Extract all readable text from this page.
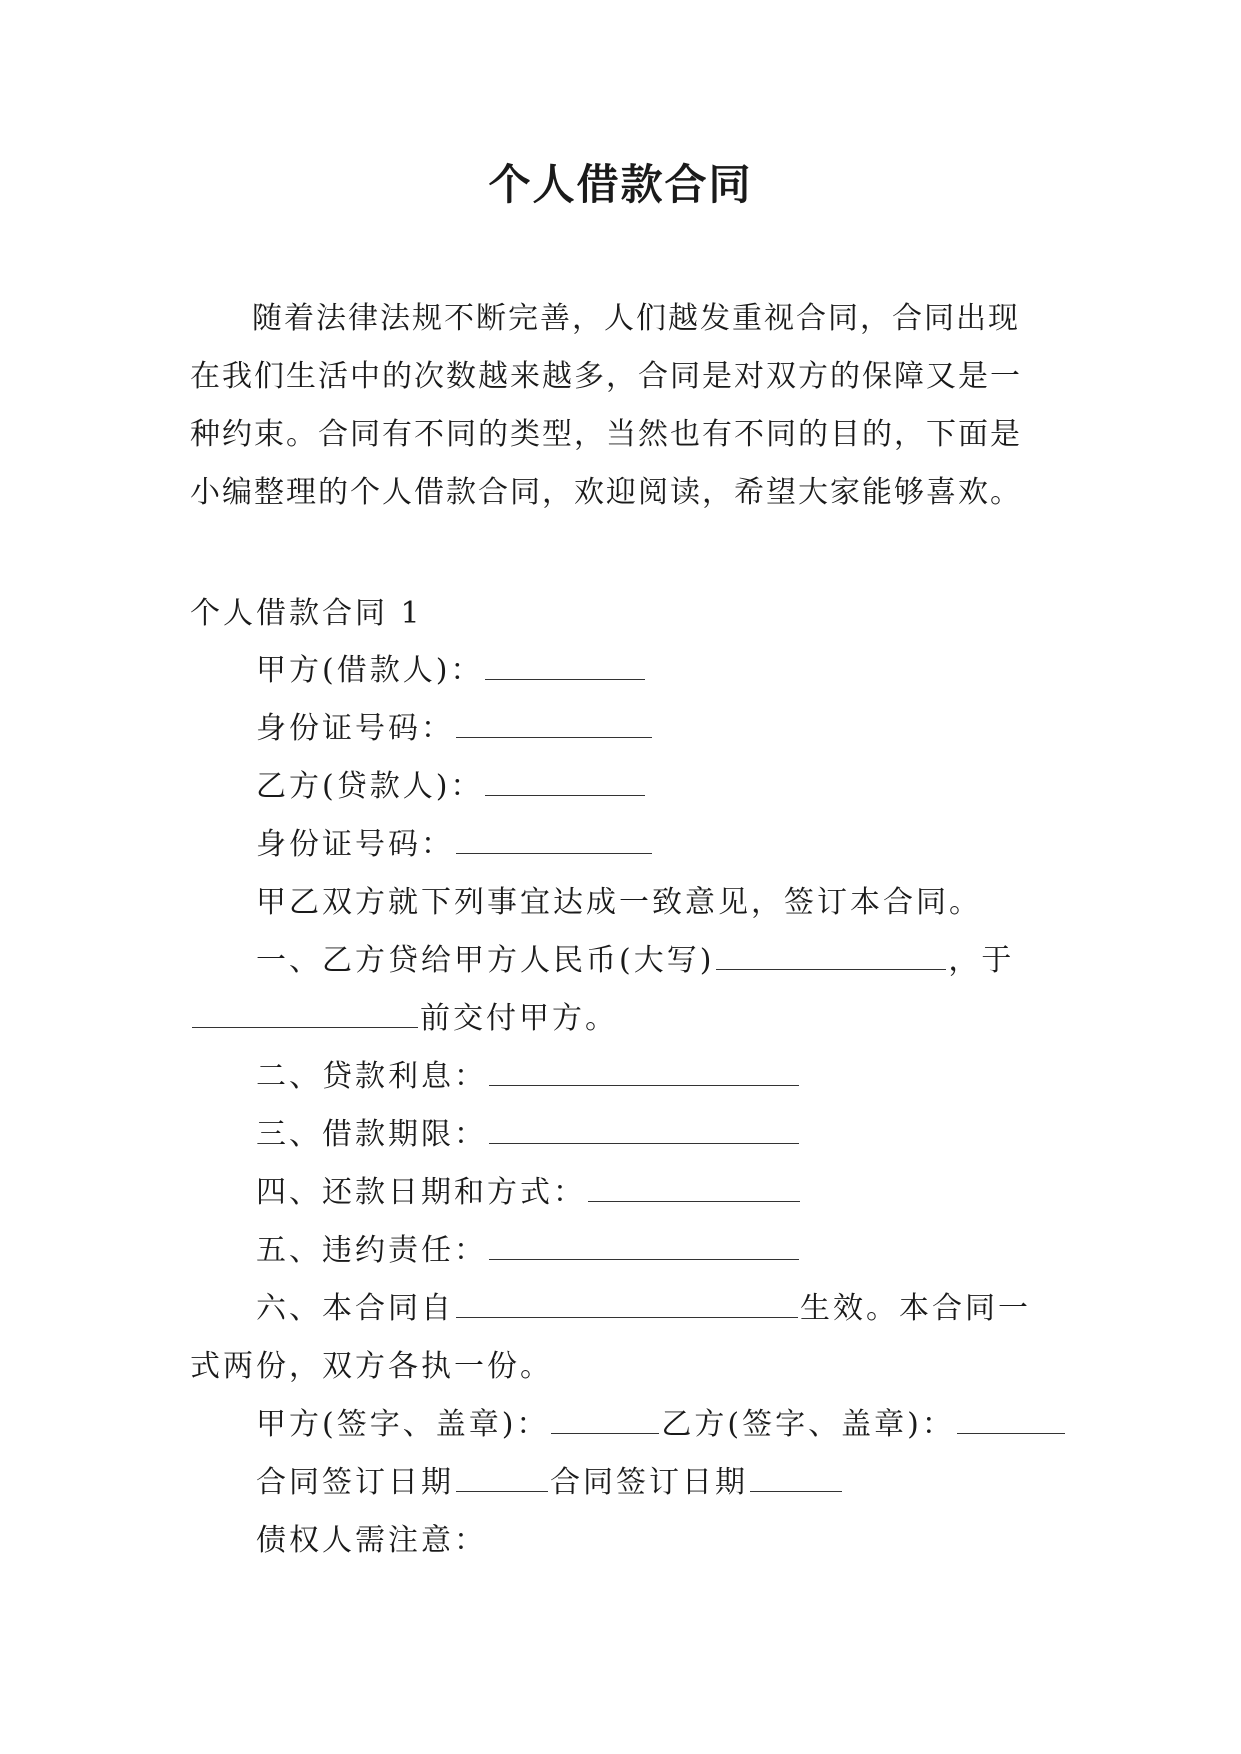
个人借款合同
随着法律法规不断完善，人们越发重视合同，合同出现
在我们生活中的次数越来越多，合同是对双方的保障又是一
种约束。合同有不同的类型，当然也有不同的目的，下面是
小编整理的个人借款合同，欢迎阅读，希望大家能够喜欢。
个人借款合同 1
甲方(借款人)：
身份证号码：
乙方(贷款人)：
身份证号码：
甲乙双方就下列事宜达成一致意见，签订本合同。
一、乙方贷给甲方人民币(大写)	，于
前交付甲方。
二、贷款利息：
三、借款期限：
四、还款日期和方式：
五、违约责任：
六、本合同自	生效。本合同一
式两份，双方各执一份。
甲方(签字、盖章)：	乙方(签字、盖章)：
合同签订日期	合同签订日期
债权人需注意：
